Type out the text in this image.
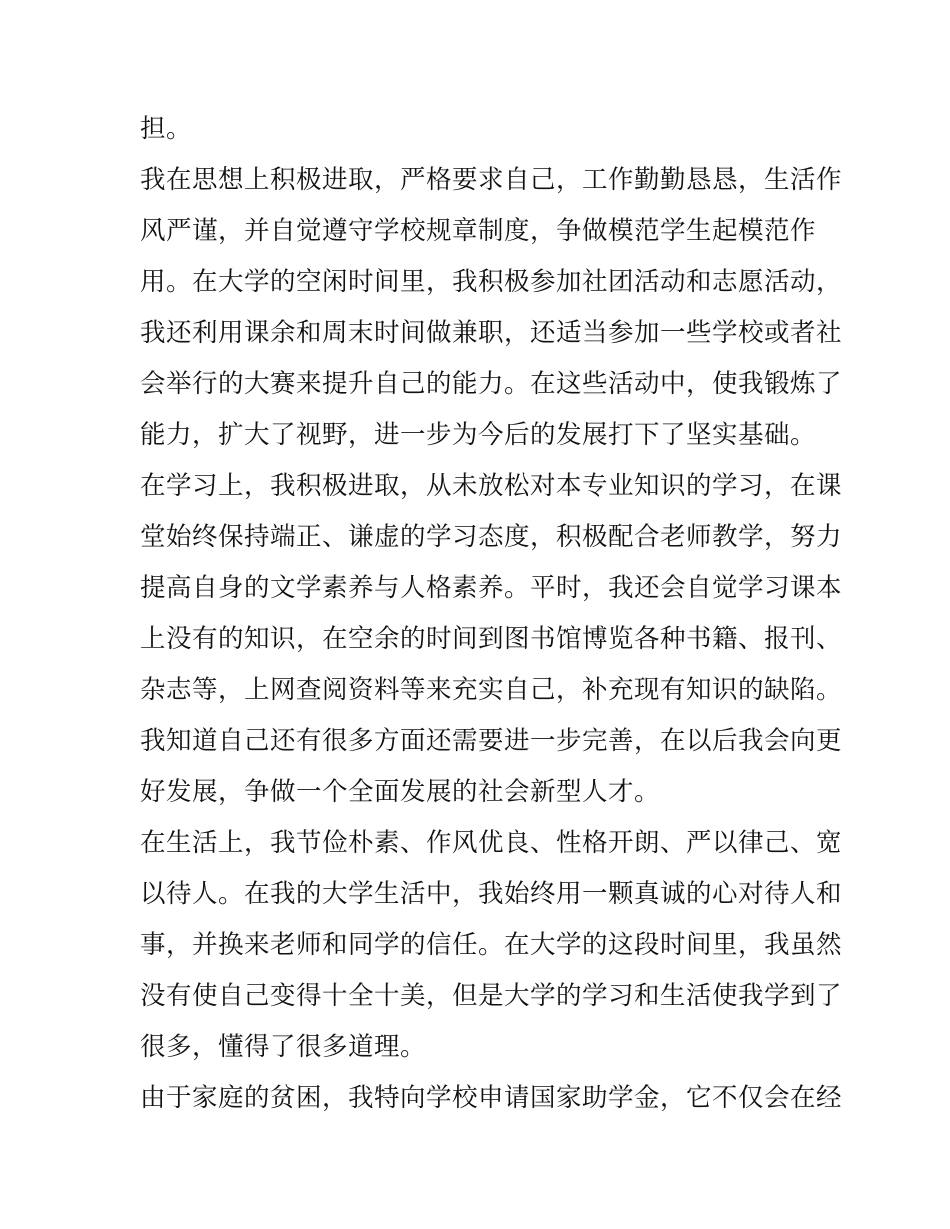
担。
我在思想上积极进取，严格要求自己，工作勤勤恳恳，生活作
风严谨，并自觉遵守学校规章制度，争做模范学生起模范作
用。在大学的空闲时间里，我积极参加社团活动和志愿活动，
我还利用课余和周末时间做兼职，还适当参加一些学校或者社
会举行的大赛来提升自己的能力。在这些活动中，使我锻炼了
能力，扩大了视野，进一步为今后的发展打下了坚实基础。
在学习上，我积极进取，从未放松对本专业知识的学习，在课
堂始终保持端正、谦虚的学习态度，积极配合老师教学，努力
提高自身的文学素养与人格素养。平时，我还会自觉学习课本
上没有的知识，在空余的时间到图书馆博览各种书籍、报刊、
杂志等，上网查阅资料等来充实自己，补充现有知识的缺陷。
我知道自己还有很多方面还需要进一步完善，在以后我会向更
好发展，争做一个全面发展的社会新型人才。
在生活上，我节俭朴素、作风优良、性格开朗、严以律己、宽
以待人。在我的大学生活中，我始终用一颗真诚的心对待人和
事，并换来老师和同学的信任。在大学的这段时间里，我虽然
没有使自己变得十全十美，但是大学的学习和生活使我学到了
很多，懂得了很多道理。
由于家庭的贫困，我特向学校申请国家助学金，它不仅会在经
